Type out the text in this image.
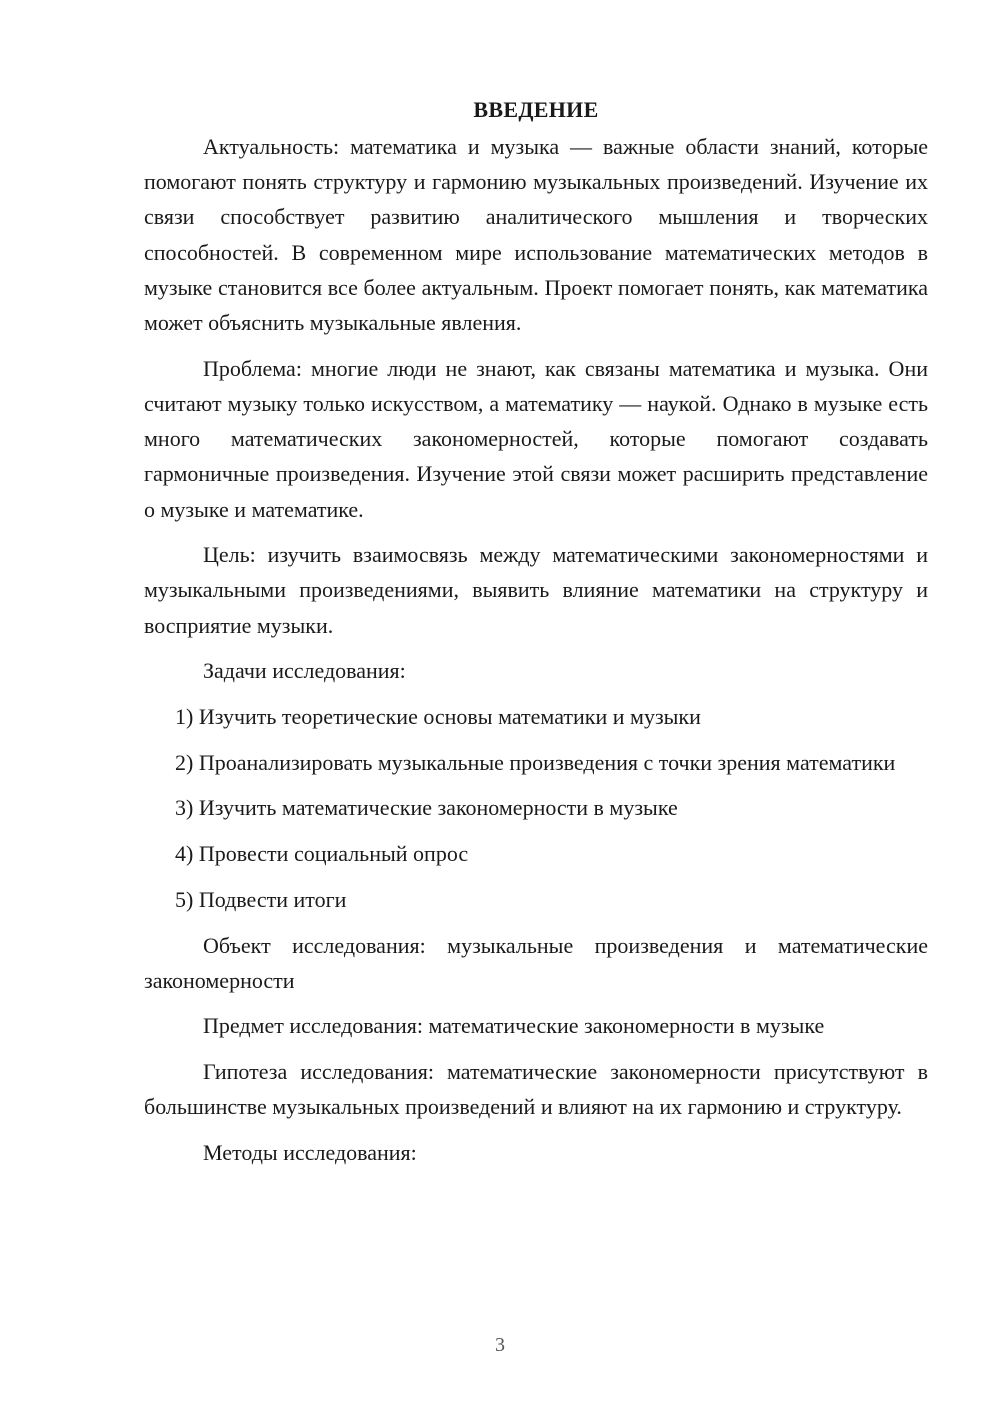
ВВЕДЕНИЕ

Актуальность: математика и музыка — важные области знаний, которые помогают понять структуру и гармонию музыкальных произведений. Изучение их связи способствует развитию аналитического мышления и творческих способностей. В современном мире использование математических методов в музыке становится все более актуальным. Проект помогает понять, как математика может объяснить музыкальные явления.

Проблема: многие люди не знают, как связаны математика и музыка. Они считают музыку только искусством, а математику — наукой. Однако в музыке есть много математических закономерностей, которые помогают создавать гармоничные произведения. Изучение этой связи может расширить представление о музыке и математике.

Цель: изучить взаимосвязь между математическими закономерностями и музыкальными произведениями, выявить влияние математики на структуру и восприятие музыки.

Задачи исследования:

1) Изучить теоретические основы математики и музыки

2) Проанализировать музыкальные произведения с точки зрения математики

3) Изучить математические закономерности в музыке

4) Провести социальный опрос

5) Подвести итоги

Объект исследования: музыкальные произведения и математические закономерности

Предмет исследования: математические закономерности в музыке

Гипотеза исследования: математические закономерности присутствуют в большинстве музыкальных произведений и влияют на их гармонию и структуру.

Методы исследования:

3
